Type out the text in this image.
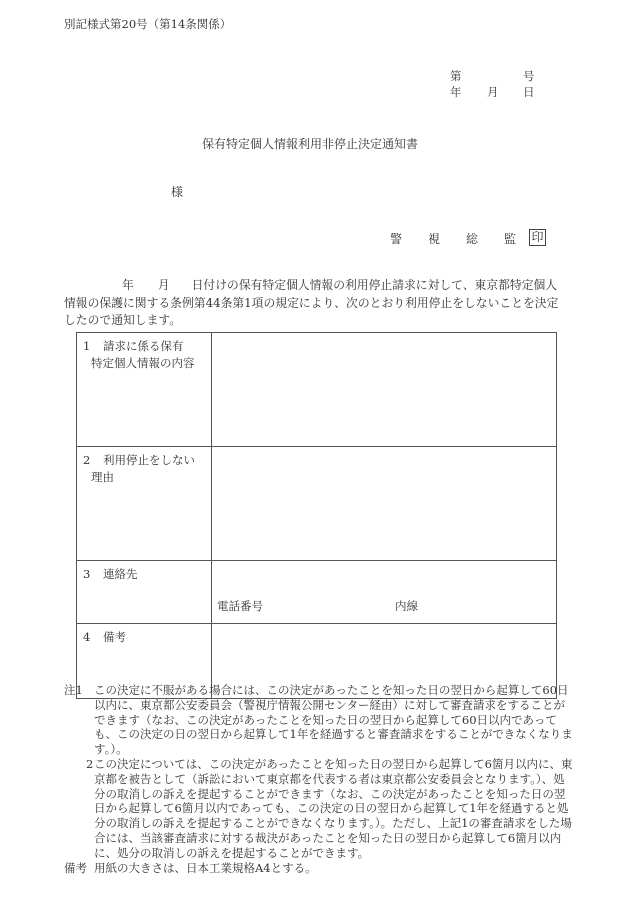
別記様式第20号（第14条関係）
第	号
年 月 日
保有特定個人情報利用非停止決定通知書
様
警 視 総 監	印
年 月 日付けの保有特定個人情報の利用停止請求に対して、東京都特定個人情報の保護に関する条例第44条第1項の規定により、次のとおり利用停止をしないことを決定したので通知します。
1 請求に係る保有
特定個人情報の内容	

2 利用停止をしない
理由	

3 連絡先	電話番号 内線

4 備考	
注1 この決定に不服がある場合には、この決定があったことを知った日の翌日から起算して60日以内に、東京都公安委員会（警視庁情報公開センター経由）に対して審査請求をすることができます（なお、この決定があったことを知った日の翌日から起算して60日以内であっても、この決定の日の翌日から起算して1年を経過すると審査請求をすることができなくなります。）。
2 この決定については、この決定があったことを知った日の翌日から起算して6箇月以内に、東京都を被告として（訴訟において東京都を代表する者は東京都公安委員会となります。）、処分の取消しの訴えを提起することができます（なお、この決定があったことを知った日の翌日から起算して6箇月以内であっても、この決定の日の翌日から起算して1年を経過すると処分の取消しの訴えを提起することができなくなります。）。ただし、上記1の審査請求をした場合には、当該審査請求に対する裁決があったことを知った日の翌日から起算して6箇月以内に、処分の取消しの訴えを提起することができます。
備考 用紙の大きさは、日本工業規格A4とする。
